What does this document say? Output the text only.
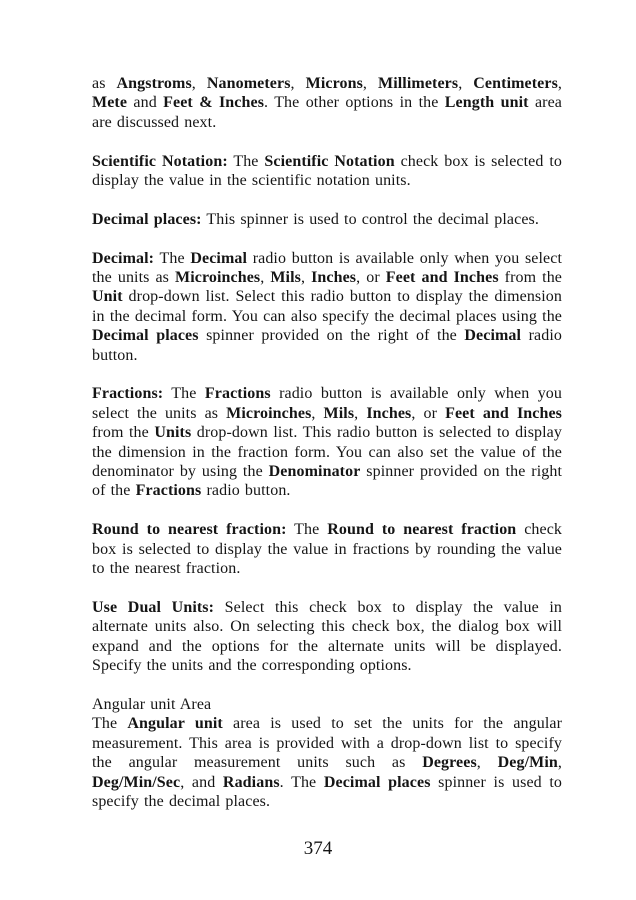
as Angstroms, Nanometers, Microns, Millimeters, Centimeters, Mete and Feet & Inches. The other options in the Length unit area are discussed next.

Scientific Notation: The Scientific Notation check box is selected to display the value in the scientific notation units.

Decimal places: This spinner is used to control the decimal places.

Decimal: The Decimal radio button is available only when you select the units as Microinches, Mils, Inches, or Feet and Inches from the Unit drop-down list. Select this radio button to display the dimension in the decimal form. You can also specify the decimal places using the Decimal places spinner provided on the right of the Decimal radio button.

Fractions: The Fractions radio button is available only when you select the units as Microinches, Mils, Inches, or Feet and Inches from the Units drop-down list. This radio button is selected to display the dimension in the fraction form. You can also set the value of the denominator by using the Denominator spinner provided on the right of the Fractions radio button.

Round to nearest fraction: The Round to nearest fraction check box is selected to display the value in fractions by rounding the value to the nearest fraction.

Use Dual Units: Select this check box to display the value in alternate units also. On selecting this check box, the dialog box will expand and the options for the alternate units will be displayed. Specify the units and the corresponding options.

Angular unit Area

The Angular unit area is used to set the units for the angular measurement. This area is provided with a drop-down list to specify the angular measurement units such as Degrees, Deg/Min, Deg/Min/Sec, and Radians. The Decimal places spinner is used to specify the decimal places.

374
